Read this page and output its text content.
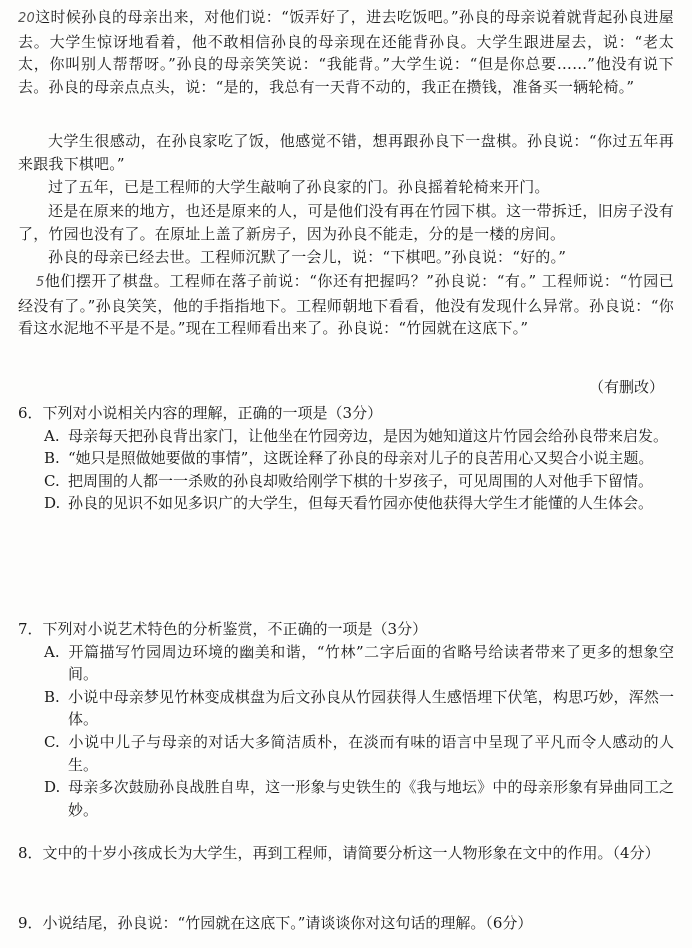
20这时候孙良的母亲出来，对他们说：“饭弄好了，进去吃饭吧。”孙良的母亲说着就背起孙良进屋去。大学生惊讶地看着，他不敢相信孙良的母亲现在还能背孙良。大学生跟进屋去，说：“老太太，你叫别人帮帮呀。”孙良的母亲笑笑说：“我能背。”大学生说：“但是你总要……”他没有说下去。孙良的母亲点点头，说：“是的，我总有一天背不动的，我正在攒钱，准备买一辆轮椅。”

大学生很感动，在孙良家吃了饭，他感觉不错，想再跟孙良下一盘棋。孙良说：“你过五年再来跟我下棋吧。”

过了五年，已是工程师的大学生敲响了孙良家的门。孙良摇着轮椅来开门。

还是在原来的地方，也还是原来的人，可是他们没有再在竹园下棋。这一带拆迁，旧房子没有了，竹园也没有了。在原址上盖了新房子，因为孙良不能走，分的是一楼的房间。

孙良的母亲已经去世。工程师沉默了一会儿，说：“下棋吧。”孙良说：“好的。”

5他们摆开了棋盘。工程师在落子前说：“你还有把握吗？”孙良说：“有。” 工程师说：“竹园已经没有了。”孙良笑笑，他的手指指地下。工程师朝地下看看，他没有发现什么异常。孙良说：“你看这水泥地不平是不是。”现在工程师看出来了。孙良说：“竹园就在这底下。”

（有删改）

6．下列对小说相关内容的理解，正确的一项是（3分）

A. 母亲每天把孙良背出家门，让他坐在竹园旁边，是因为她知道这片竹园会给孙良带来启发。

B. “她只是照做她要做的事情”，这既诠释了孙良的母亲对儿子的良苦用心又契合小说主题。

C. 把周围的人都一一杀败的孙良却败给刚学下棋的十岁孩子，可见周围的人对他手下留情。

D. 孙良的见识不如见多识广的大学生，但每天看竹园亦使他获得大学生才能懂的人生体会。

7．下列对小说艺术特色的分析鉴赏，不正确的一项是（3分）

A. 开篇描写竹园周边环境的幽美和谐，“竹林”二字后面的省略号给读者带来了更多的想象空间。

B. 小说中母亲梦见竹林变成棋盘为后文孙良从竹园获得人生感悟埋下伏笔，构思巧妙，浑然一体。

C. 小说中儿子与母亲的对话大多简洁质朴，在淡而有味的语言中呈现了平凡而令人感动的人生。

D. 母亲多次鼓励孙良战胜自卑，这一形象与史铁生的《我与地坛》中的母亲形象有异曲同工之妙。

8．文中的十岁小孩成长为大学生，再到工程师，请简要分析这一人物形象在文中的作用。（4分）

9．小说结尾，孙良说：“竹园就在这底下。”请谈谈你对这句话的理解。（6分）
